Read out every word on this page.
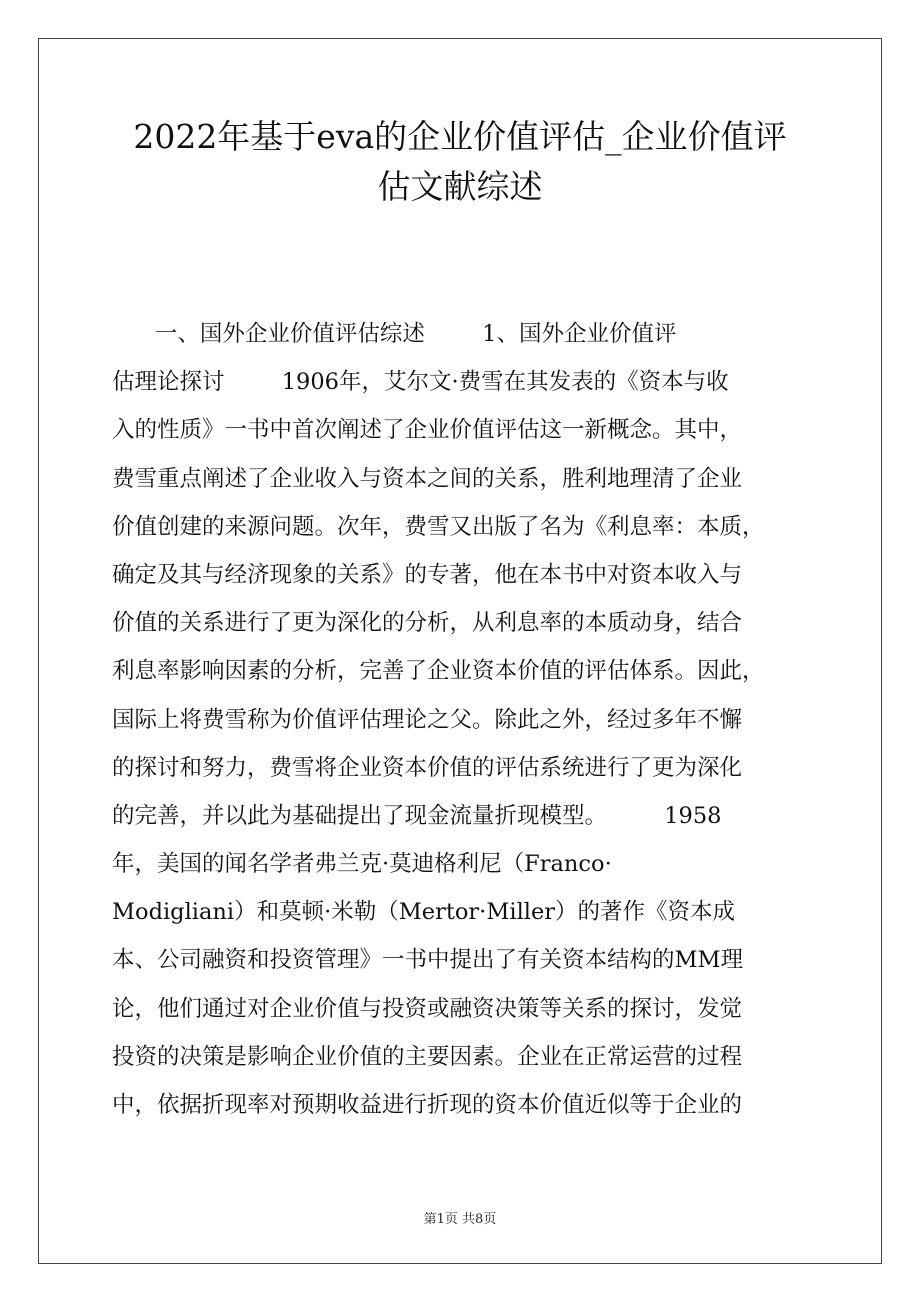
2022年基于eva的企业价值评估_企业价值评
估文献综述
一、国外企业价值评估综述        1、国外企业价值评
估理论探讨        1906年，艾尔文·费雪在其发表的《资本与收
入的性质》一书中首次阐述了企业价值评估这一新概念。其中，
费雪重点阐述了企业收入与资本之间的关系，胜利地理清了企业
价值创建的来源问题。次年，费雪又出版了名为《利息率：本质，
确定及其与经济现象的关系》的专著，他在本书中对资本收入与
价值的关系进行了更为深化的分析，从利息率的本质动身，结合
利息率影响因素的分析，完善了企业资本价值的评估体系。因此，
国际上将费雪称为价值评估理论之父。除此之外，经过多年不懈
的探讨和努力，费雪将企业资本价值的评估系统进行了更为深化
的完善，并以此为基础提出了现金流量折现模型。        1958
年，美国的闻名学者弗兰克·莫迪格利尼（Franco·
Modigliani）和莫顿·米勒（Mertor·Miller）的著作《资本成
本、公司融资和投资管理》一书中提出了有关资本结构的MM理
论，他们通过对企业价值与投资或融资决策等关系的探讨，发觉
投资的决策是影响企业价值的主要因素。企业在正常运营的过程
中，依据折现率对预期收益进行折现的资本价值近似等于企业的
第1页 共8页
